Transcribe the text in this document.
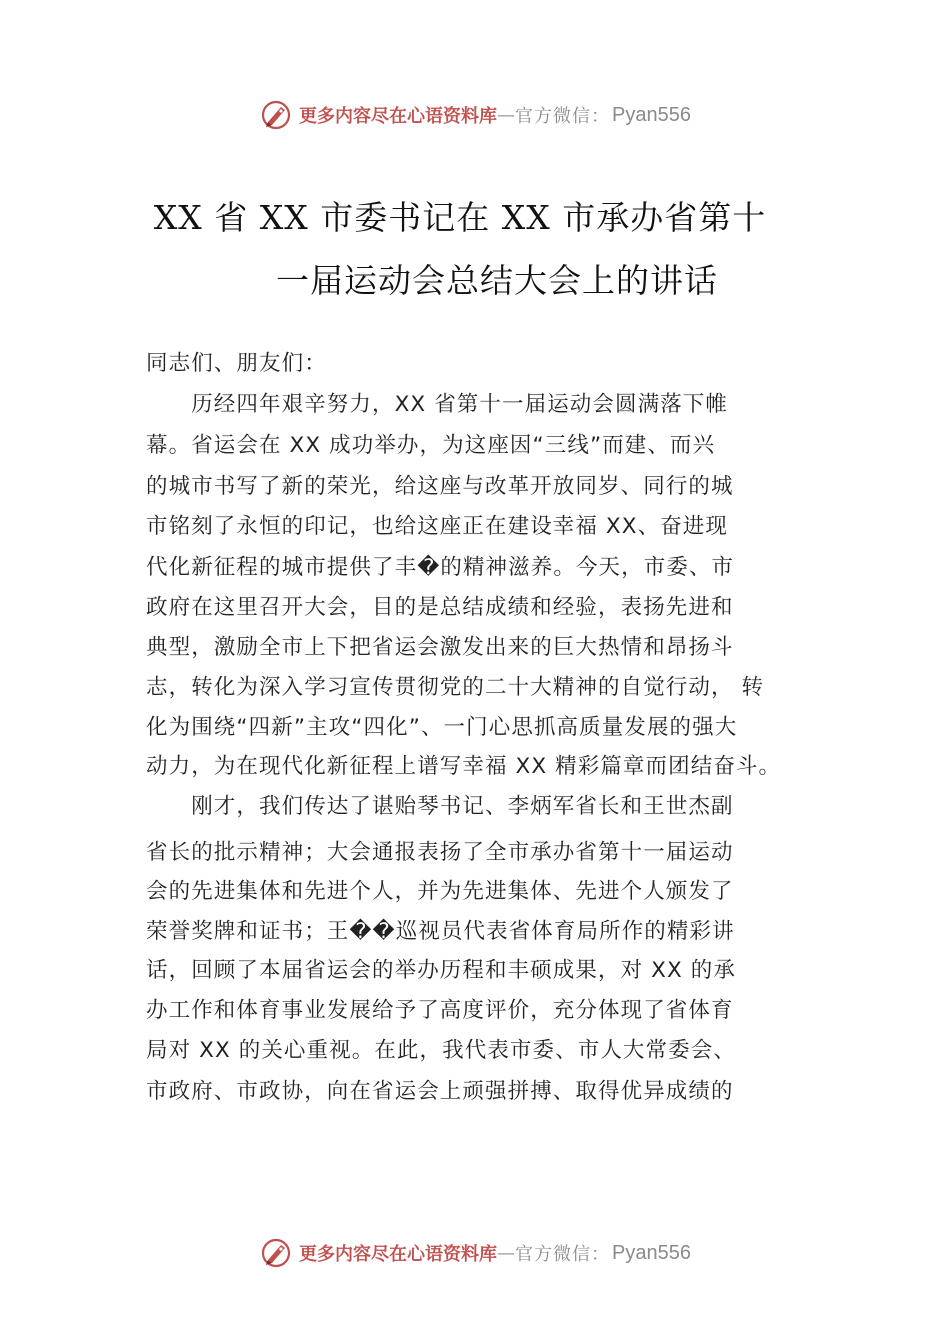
更多内容尽在心语资料库 — 官方微信： Pyan556
XX 省 XX 市委书记在 XX 市承办省第十
一届运动会总结大会上的讲话
同志们、朋友们：
　　历经四年艰辛努力，XX 省第十一届运动会圆满落下帷
幕。省运会在 XX 成功举办，为这座因“三线”而建、而兴
的城市书写了新的荣光，给这座与改革开放同岁、同行的城
市铭刻了永恒的印记，也给这座正在建设幸福 XX、奋进现
代化新征程的城市提供了丰�的精神滋养。今天，市委、市
政府在这里召开大会，目的是总结成绩和经验，表扬先进和
典型，激励全市上下把省运会激发出来的巨大热情和昂扬斗
志，转化为深入学习宣传贯彻党的二十大精神的自觉行动， 转
化为围绕“四新”主攻“四化”、一门心思抓高质量发展的强大
动力，为在现代化新征程上谱写幸福 XX 精彩篇章而团结奋斗。
　　刚才，我们传达了谌贻琴书记、李炳军省长和王世杰副
省长的批示精神；大会通报表扬了全市承办省第十一届运动
会的先进集体和先进个人，并为先进集体、先进个人颁发了
荣誉奖牌和证书；王��巡视员代表省体育局所作的精彩讲
话，回顾了本届省运会的举办历程和丰硕成果，对 XX 的承
办工作和体育事业发展给予了高度评价，充分体现了省体育
局对 XX 的关心重视。在此，我代表市委、市人大常委会、
市政府、市政协，向在省运会上顽强拼搏、取得优异成绩的
更多内容尽在心语资料库 — 官方微信： Pyan556
